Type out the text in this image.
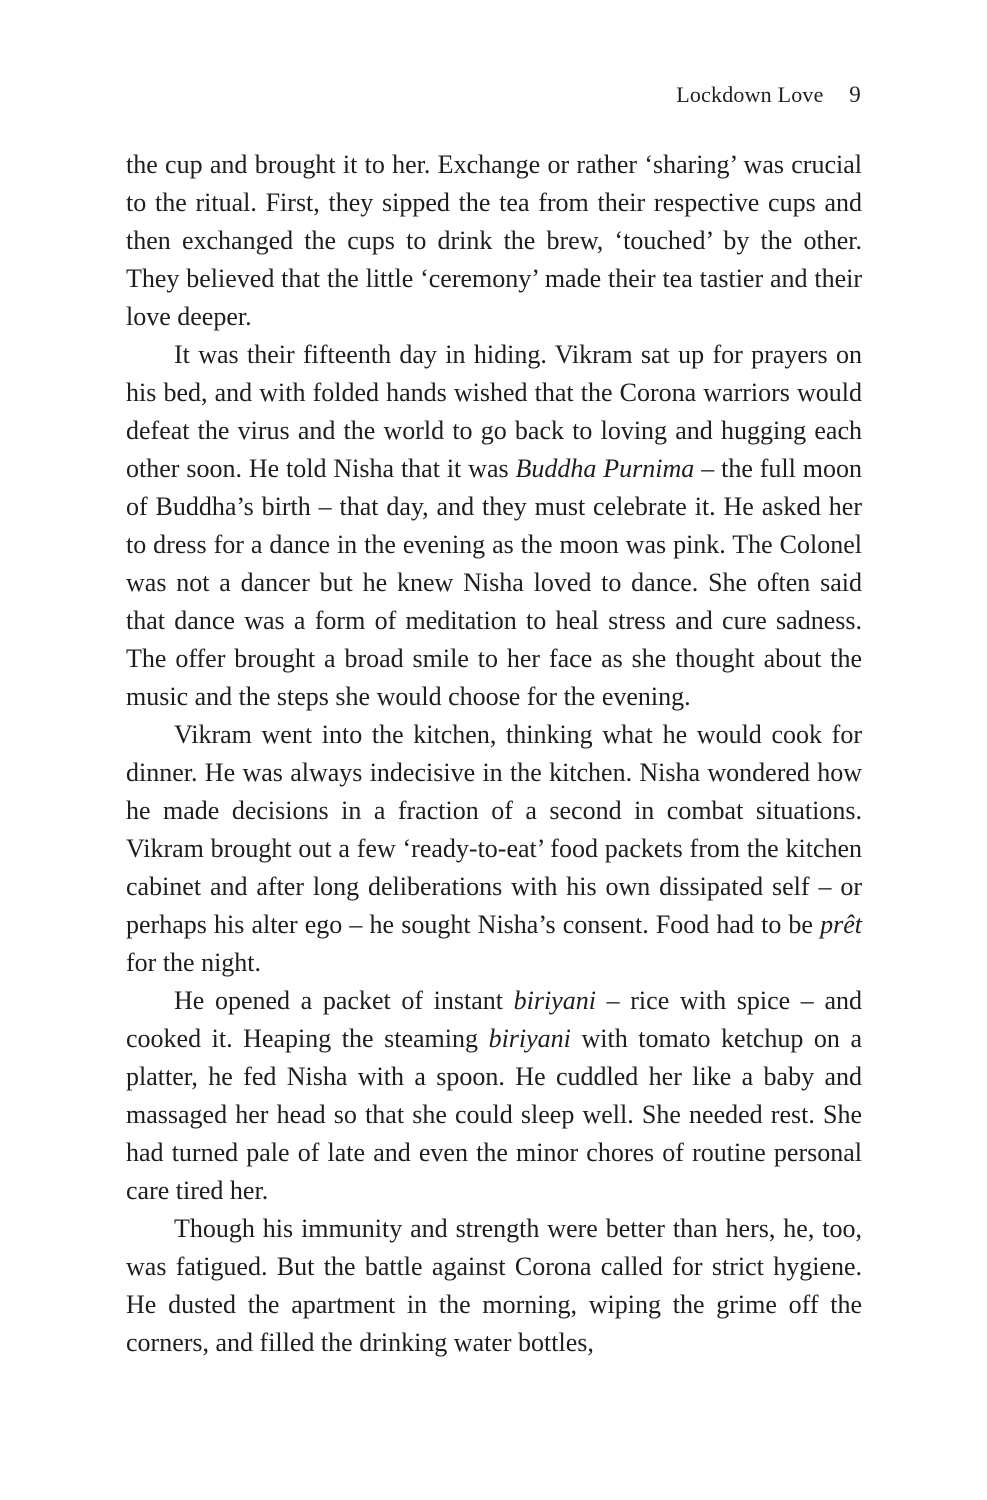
Lockdown Love 9

the cup and brought it to her. Exchange or rather ‘sharing’ was crucial to the ritual. First, they sipped the tea from their respective cups and then exchanged the cups to drink the brew, ‘touched’ by the other. They believed that the little ‘ceremony’ made their tea tastier and their love deeper.

It was their fifteenth day in hiding. Vikram sat up for prayers on his bed, and with folded hands wished that the Corona warriors would defeat the virus and the world to go back to loving and hugging each other soon. He told Nisha that it was Buddha Purnima – the full moon of Buddha’s birth – that day, and they must celebrate it. He asked her to dress for a dance in the evening as the moon was pink. The Colonel was not a dancer but he knew Nisha loved to dance. She often said that dance was a form of meditation to heal stress and cure sadness. The offer brought a broad smile to her face as she thought about the music and the steps she would choose for the evening.

Vikram went into the kitchen, thinking what he would cook for dinner. He was always indecisive in the kitchen. Nisha wondered how he made decisions in a fraction of a second in combat situations. Vikram brought out a few ‘ready-to-eat’ food packets from the kitchen cabinet and after long deliberations with his own dissipated self – or perhaps his alter ego – he sought Nisha’s consent. Food had to be prêt for the night.

He opened a packet of instant biriyani – rice with spice – and cooked it. Heaping the steaming biriyani with tomato ketchup on a platter, he fed Nisha with a spoon. He cuddled her like a baby and massaged her head so that she could sleep well. She needed rest. She had turned pale of late and even the minor chores of routine personal care tired her.

Though his immunity and strength were better than hers, he, too, was fatigued. But the battle against Corona called for strict hygiene. He dusted the apartment in the morning, wiping the grime off the corners, and filled the drinking water bottles,
